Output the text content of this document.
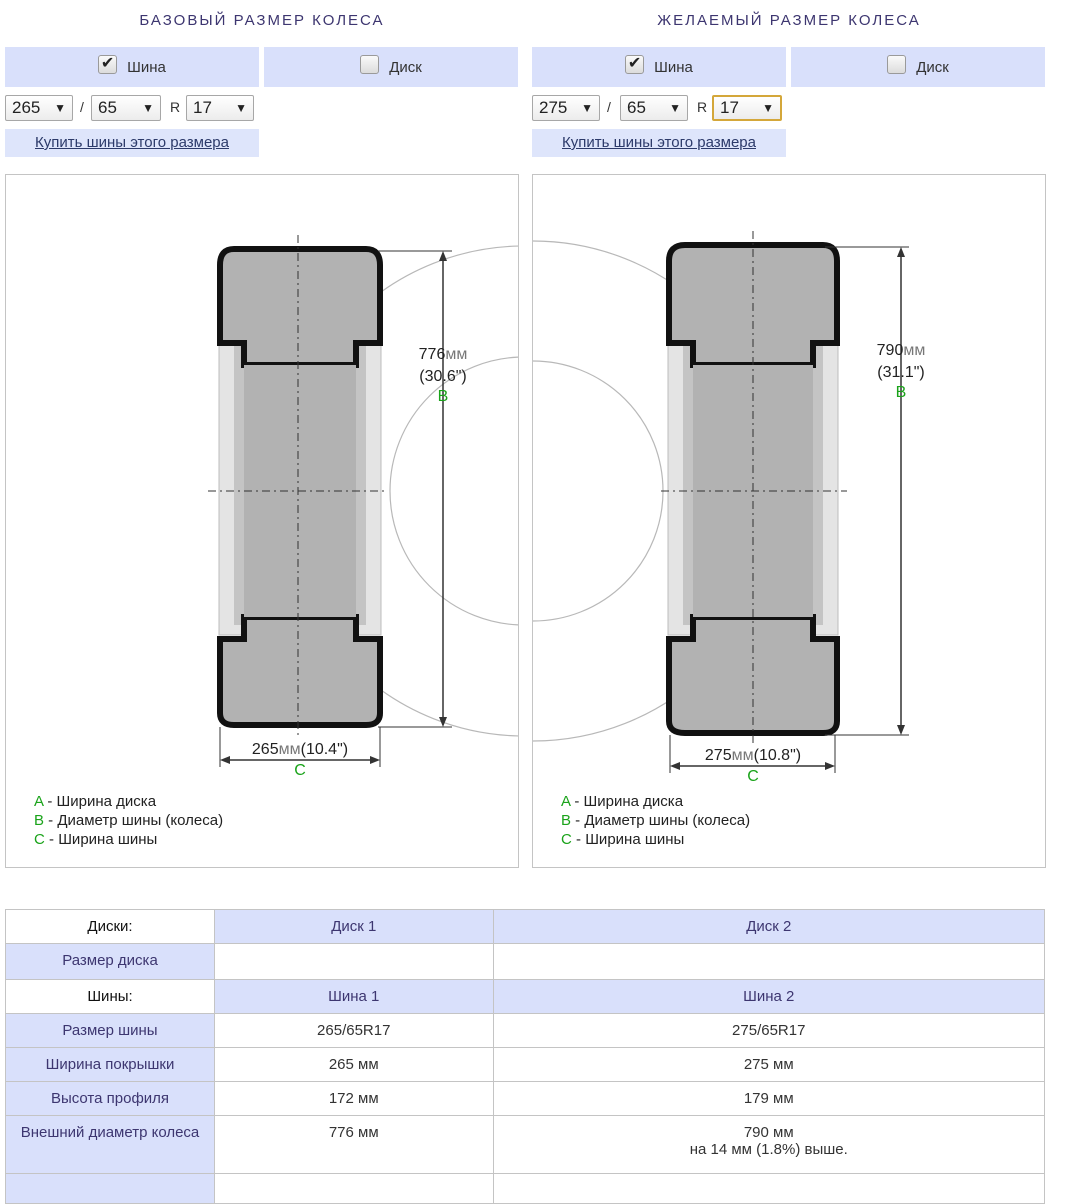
БАЗОВЫЙ РАЗМЕР КОЛЕСА
✔ Шина	Диск
265 ▼ / 65 ▼ R 17 ▼
Купить шины этого размера
776мм
(30.6")
B
265мм(10.4")
C
A - Ширина диска
B - Диаметр шины (колеса)
C - Ширина шины
ЖЕЛАЕМЫЙ РАЗМЕР КОЛЕСА
✔ Шина	Диск
275 ▼ / 65 ▼ R 17 ▼
Купить шины этого размера
790мм
(31.1")
B
275мм(10.8")
C
A - Ширина диска
B - Диаметр шины (колеса)
C - Ширина шины
Диски:	Диск 1	Диск 2
Размер диска		
Шины:	Шина 1	Шина 2
Размер шины	265/65R17	275/65R17
Ширина покрышки	265 мм	275 мм
Высота профиля	172 мм	179 мм
Внешний диаметр колеса	776 мм	790 мм
на 14 мм (1.8%) выше.
